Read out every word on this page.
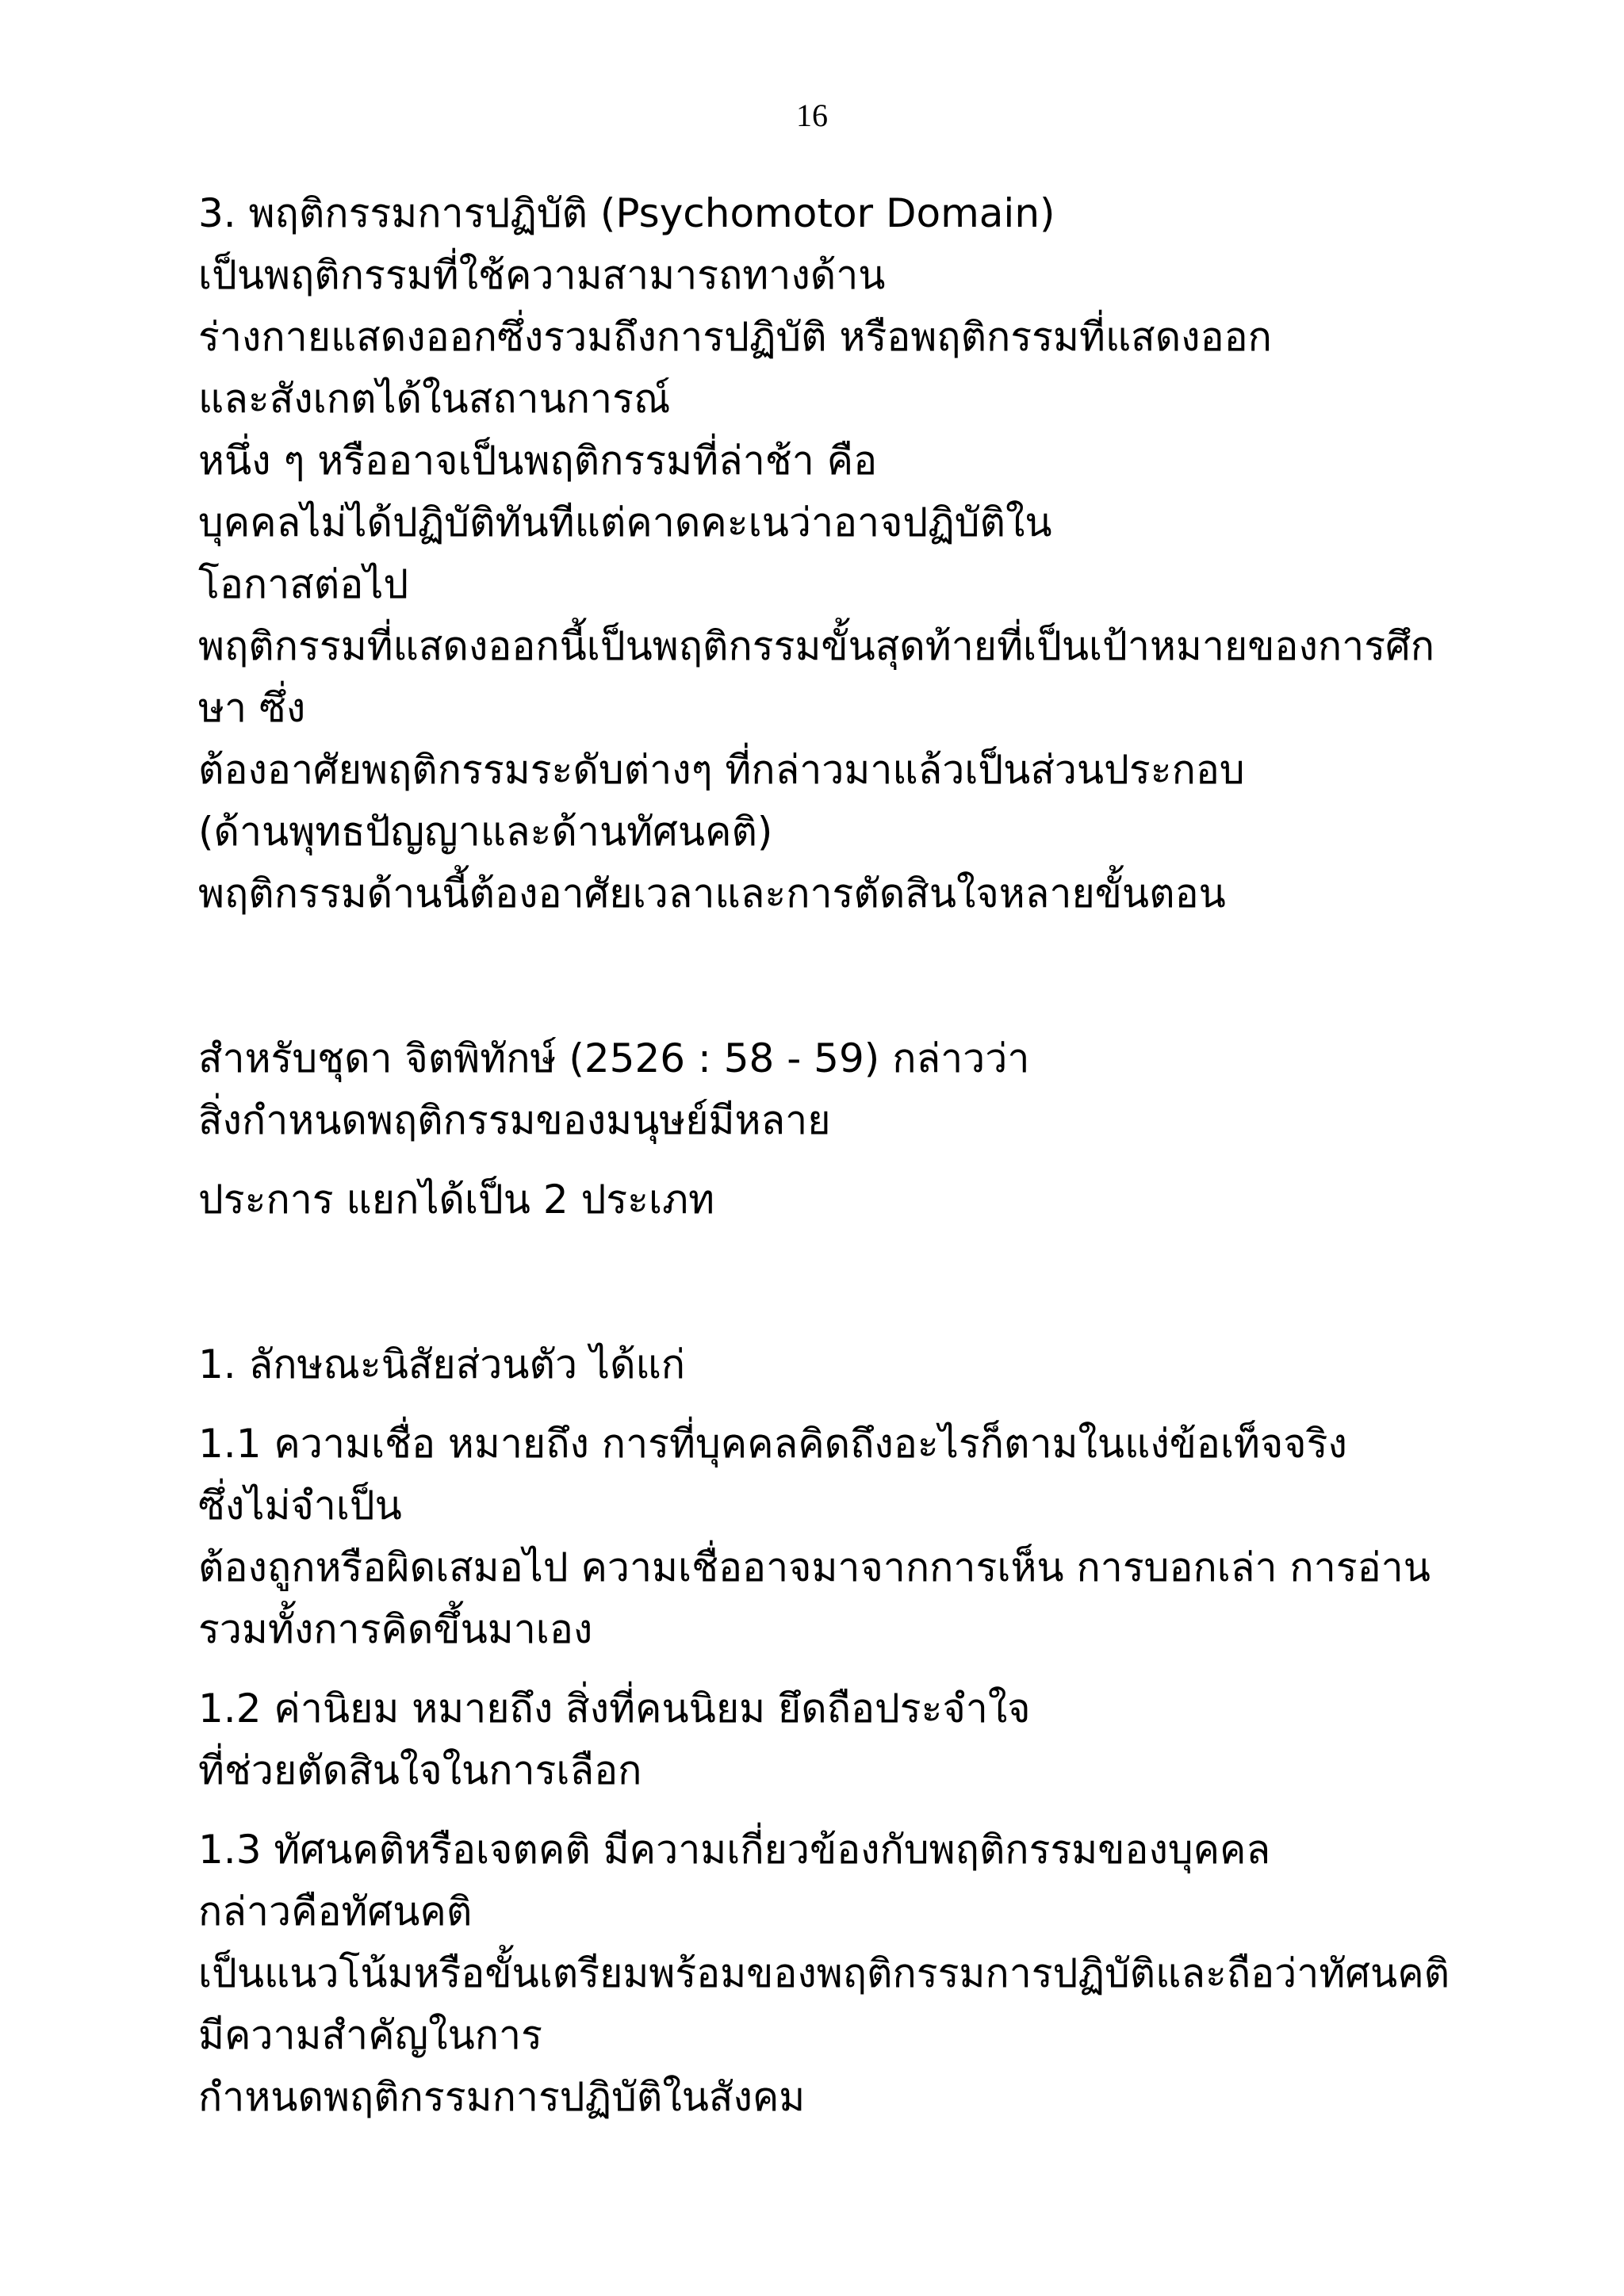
16
3. พฤติกรรมการปฏิบัติ (Psychomotor Domain)
เป็นพฤติกรรมที่ใช้ความสามารถทางด้าน
ร่างกายแสดงออกซึ่งรวมถึงการปฏิบัติ หรือพฤติกรรมที่แสดงออก
และสังเกตได้ในสถานการณ์
หนึ่ง ๆ หรืออาจเป็นพฤติกรรมที่ล่าช้า คือ
บุคคลไม่ได้ปฏิบัติทันทีแต่คาดคะเนว่าอาจปฏิบัติใน
โอกาสต่อไป
พฤติกรรมที่แสดงออกนี้เป็นพฤติกรรมขั้นสุดท้ายที่เป็นเป้าหมายของการศึก
ษา ซึ่ง
ต้องอาศัยพฤติกรรมระดับต่างๆ ที่กล่าวมาแล้วเป็นส่วนประกอบ
(ด้านพุทธปัญญาและด้านทัศนคติ)
พฤติกรรมด้านนี้ต้องอาศัยเวลาและการตัดสินใจหลายขั้นตอน
สำหรับชุดา จิตพิทักษ์ (2526 : 58 - 59) กล่าวว่า
สิ่งกำหนดพฤติกรรมของมนุษย์มีหลาย
ประการ แยกได้เป็น 2 ประเภท
1. ลักษณะนิสัยส่วนตัว ได้แก่
1.1 ความเชื่อ หมายถึง การที่บุคคลคิดถึงอะไรก็ตามในแง่ข้อเท็จจริง
ซึ่งไม่จำเป็น
ต้องถูกหรือผิดเสมอไป ความเชื่ออาจมาจากการเห็น การบอกเล่า การอ่าน
รวมทั้งการคิดขึ้นมาเอง
1.2 ค่านิยม หมายถึง สิ่งที่คนนิยม ยึดถือประจำใจ
ที่ช่วยตัดสินใจในการเลือก
1.3 ทัศนคติหรือเจตคติ มีความเกี่ยวข้องกับพฤติกรรมของบุคคล
กล่าวคือทัศนคติ
เป็นแนวโน้มหรือขั้นเตรียมพร้อมของพฤติกรรมการปฏิบัติและถือว่าทัศนคติ
มีความสำคัญในการ
กำหนดพฤติกรรมการปฏิบัติในสังคม
